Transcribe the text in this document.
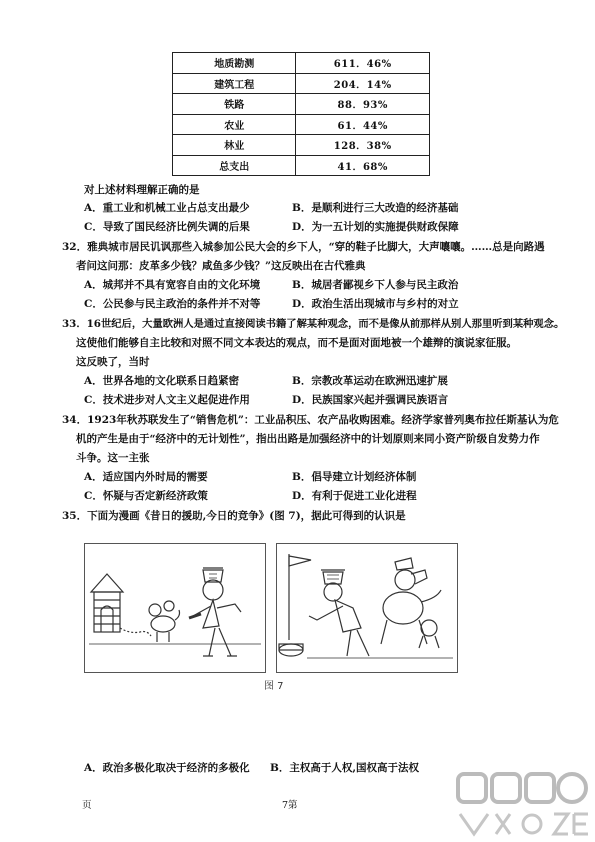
地质勘测	611．46%
建筑工程	204．14%
铁路	88．93%
农业	61．44%
林业	128．38%
总支出	41．68%
对上述材料理解正确的是
A．重工业和机械工业占总支出最少	B．是顺利进行三大改造的经济基础
C．导致了国民经济比例失调的后果	D．为一五计划的实施提供财政保障
32．雅典城市居民讥讽那些入城参加公民大会的乡下人，“穿的鞋子比脚大，大声嚷嚷。……总是向路遇
者问这问那：皮革多少钱？咸鱼多少钱？”这反映出在古代雅典
A．城邦并不具有宽容自由的文化环境	B．城居者鄙视乡下人参与民主政治
C．公民参与民主政治的条件并不对等	D．政治生活出现城市与乡村的对立
33．16世纪后，大量欧洲人是通过直接阅读书籍了解某种观念，而不是像从前那样从别人那里听到某种观念。
这使他们能够自主比较和对照不同文本表达的观点，而不是面对面地被一个雄辩的演说家征服。
这反映了，当时
A．世界各地的文化联系日趋紧密	B．宗教改革运动在欧洲迅速扩展
C．技术进步对人文主义起促进作用	D．民族国家兴起并强调民族语言
34．1923年秋苏联发生了“销售危机”：工业品积压、农产品收购困难。经济学家普列奥布拉任斯基认为危
机的产生是由于“经济中的无计划性”，指出出路是加强经济中的计划原则来同小资产阶级自发势力作
斗争。这一主张
A．适应国内外时局的需要	B．倡导建立计划经济体制
C．怀疑与否定新经济政策	D．有利于促进工业化进程
35．下面为漫画《昔日的援助,今日的竞争》(图 7)，据此可得到的认识是
图 7
A．政治多极化取决于经济的多极化 B．主权高于人权,国权高于法权
页	7第
